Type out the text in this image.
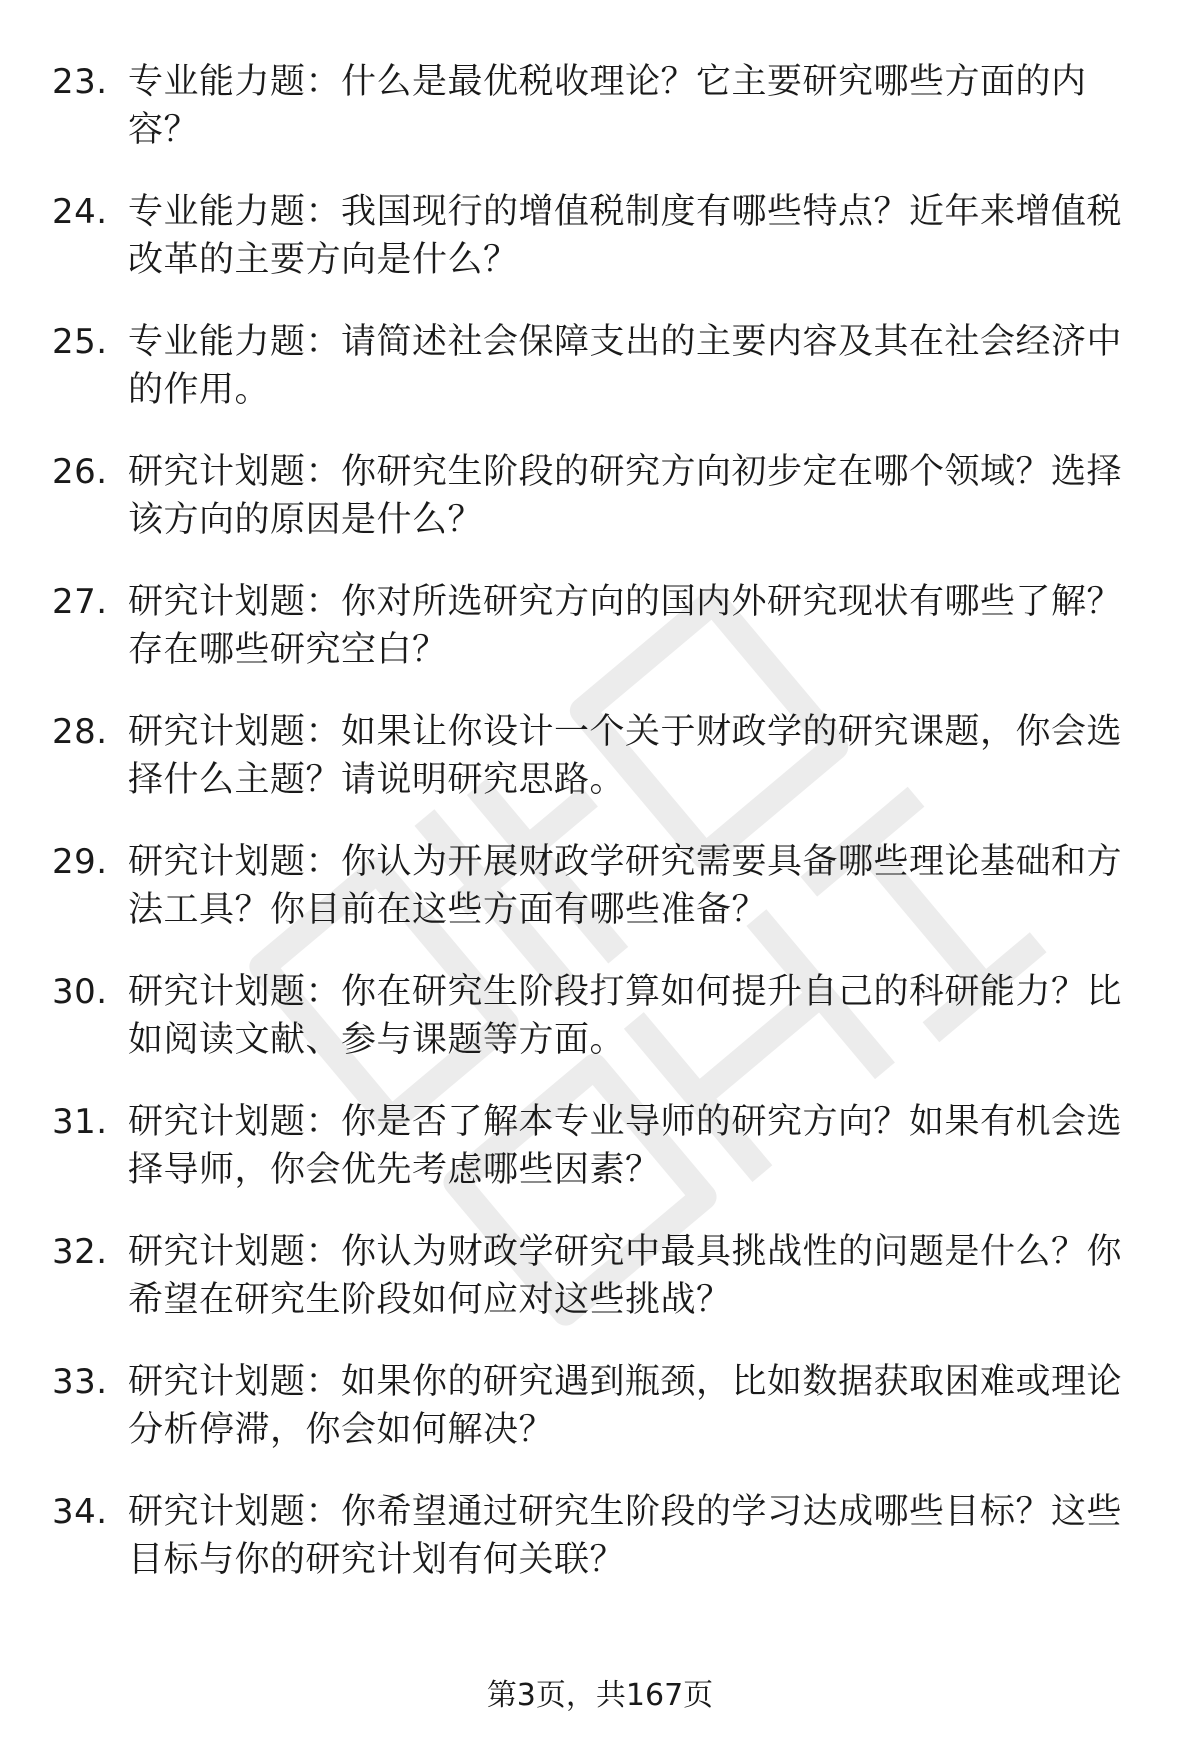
23. 专业能力题：什么是最优税收理论？它主要研究哪些方面的内容？
24. 专业能力题：我国现行的增值税制度有哪些特点？近年来增值税改革的主要方向是什么？
25. 专业能力题：请简述社会保障支出的主要内容及其在社会经济中的作用。
26. 研究计划题：你研究生阶段的研究方向初步定在哪个领域？选择该方向的原因是什么？
27. 研究计划题：你对所选研究方向的国内外研究现状有哪些了解？存在哪些研究空白？
28. 研究计划题：如果让你设计一个关于财政学的研究课题，你会选择什么主题？请说明研究思路。
29. 研究计划题：你认为开展财政学研究需要具备哪些理论基础和方法工具？你目前在这些方面有哪些准备？
30. 研究计划题：你在研究生阶段打算如何提升自己的科研能力？比如阅读文献、参与课题等方面。
31. 研究计划题：你是否了解本专业导师的研究方向？如果有机会选择导师，你会优先考虑哪些因素？
32. 研究计划题：你认为财政学研究中最具挑战性的问题是什么？你希望在研究生阶段如何应对这些挑战？
33. 研究计划题：如果你的研究遇到瓶颈，比如数据获取困难或理论分析停滞，你会如何解决？
34. 研究计划题：你希望通过研究生阶段的学习达成哪些目标？这些目标与你的研究计划有何关联？
第3页，共167页
